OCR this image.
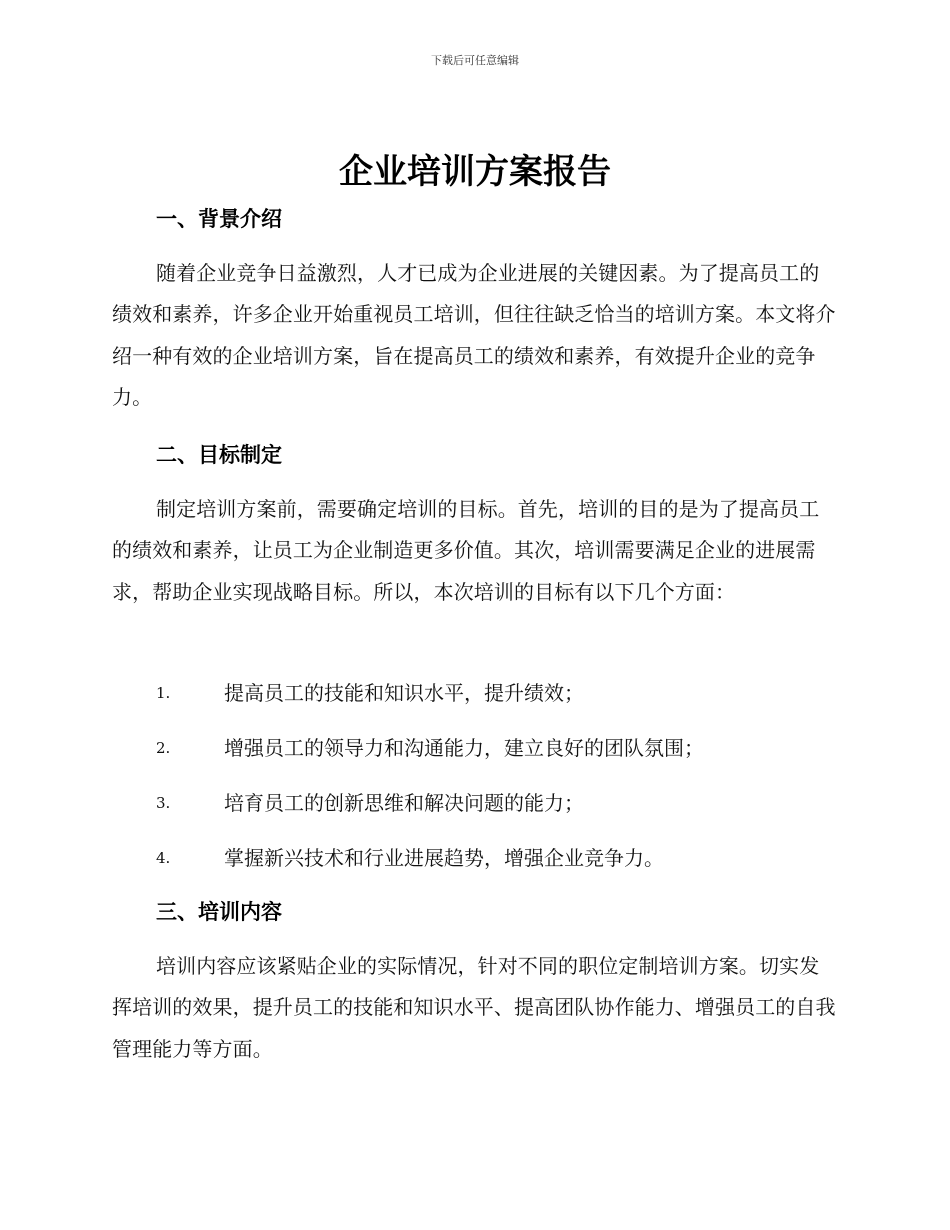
下载后可任意编辑
企业培训方案报告
一、背景介绍

随着企业竞争日益激烈，人才已成为企业进展的关键因素。为了提高员工的绩效和素养，许多企业开始重视员工培训，但往往缺乏恰当的培训方案。本文将介绍一种有效的企业培训方案，旨在提高员工的绩效和素养，有效提升企业的竞争力。

二、目标制定

制定培训方案前，需要确定培训的目标。首先，培训的目的是为了提高员工的绩效和素养，让员工为企业制造更多价值。其次，培训需要满足企业的进展需求，帮助企业实现战略目标。所以，本次培训的目标有以下几个方面：

1.	提高员工的技能和知识水平，提升绩效；
2.	增强员工的领导力和沟通能力，建立良好的团队氛围；
3.	培育员工的创新思维和解决问题的能力；
4.	掌握新兴技术和行业进展趋势，增强企业竞争力。
三、培训内容

培训内容应该紧贴企业的实际情况，针对不同的职位定制培训方案。切实发挥培训的效果，提升员工的技能和知识水平、提高团队协作能力、增强员工的自我管理能力等方面。
